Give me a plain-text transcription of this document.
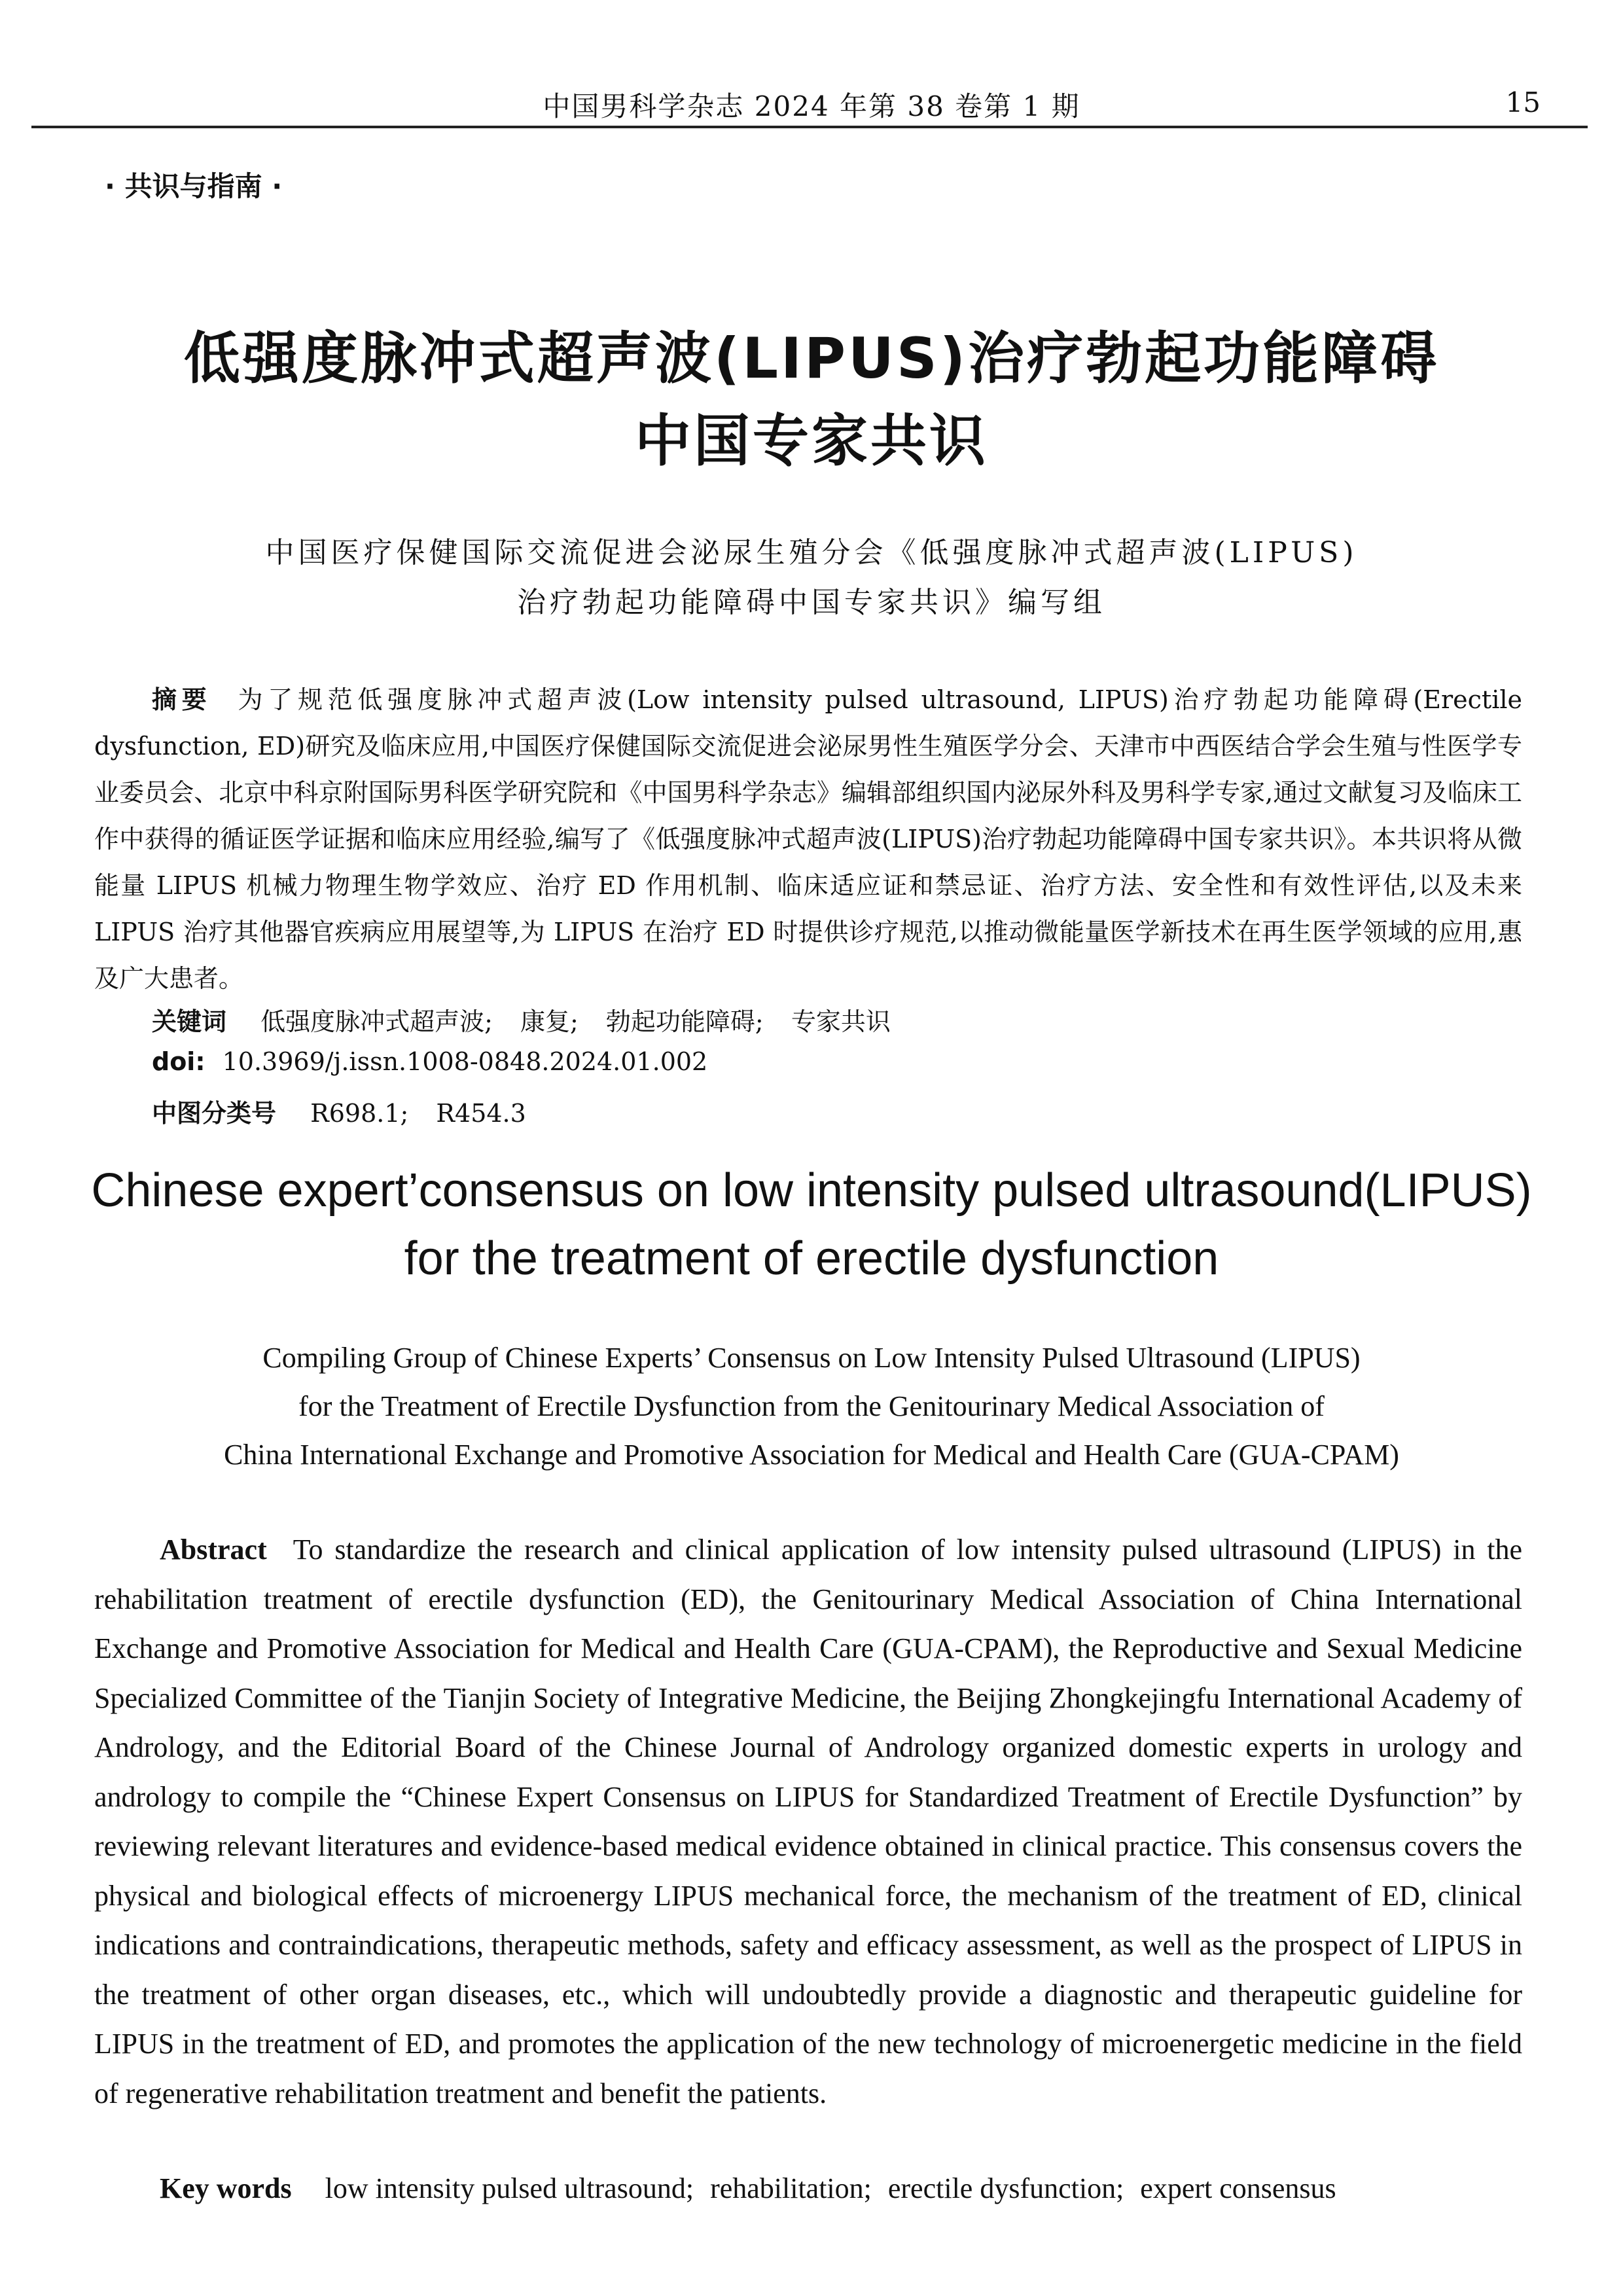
中国男科学杂志 2024 年第 38 卷第 1 期	15
· 共识与指南 ·
低强度脉冲式超声波(LIPUS)治疗勃起功能障碍
中国专家共识
中国医疗保健国际交流促进会泌尿生殖分会《低强度脉冲式超声波(LIPUS)
治疗勃起功能障碍中国专家共识》编写组

摘要 为了规范低强度脉冲式超声波(Low intensity pulsed ultrasound, LIPUS)治疗勃起功能障碍(Erectile dysfunction, ED)研究及临床应用,中国医疗保健国际交流促进会泌尿男性生殖医学分会、天津市中西医结合学会生殖与性医学专业委员会、北京中科京附国际男科医学研究院和《中国男科学杂志》编辑部组织国内泌尿外科及男科学专家,通过文献复习及临床工作中获得的循证医学证据和临床应用经验,编写了《低强度脉冲式超声波(LIPUS)治疗勃起功能障碍中国专家共识》。本共识将从微能量 LIPUS 机械力物理生物学效应、治疗 ED 作用机制、临床适应证和禁忌证、治疗方法、安全性和有效性评估,以及未来 LIPUS 治疗其他器官疾病应用展望等,为 LIPUS 在治疗 ED 时提供诊疗规范,以推动微能量医学新技术在再生医学领域的应用,惠及广大患者。

关键词 低强度脉冲式超声波; 康复; 勃起功能障碍; 专家共识
doi: 10.3969/j.issn.1008-0848.2024.01.002
中图分类号 R698.1; R454.3
Chinese expert’consensus on low intensity pulsed ultrasound(LIPUS)
for the treatment of erectile dysfunction
Compiling Group of Chinese Experts’ Consensus on Low Intensity Pulsed Ultrasound (LIPUS)
for the Treatment of Erectile Dysfunction from the Genitourinary Medical Association of
China International Exchange and Promotive Association for Medical and Health Care (GUA-CPAM)

Abstract To standardize the research and clinical application of low intensity pulsed ultrasound (LIPUS) in the rehabilitation treatment of erectile dysfunction (ED), the Genitourinary Medical Association of China International Exchange and Promotive Association for Medical and Health Care (GUA-CPAM), the Reproductive and Sexual Medicine Specialized Committee of the Tianjin Society of Integrative Medicine, the Beijing Zhongkejingfu International Academy of Andrology, and the Editorial Board of the Chinese Journal of Andrology organized domestic experts in urology and andrology to compile the “Chinese Expert Consensus on LIPUS for Standardized Treatment of Erectile Dysfunction” by reviewing relevant literatures and evidence-based medical evidence obtained in clinical practice. This consensus covers the physical and biological effects of microenergy LIPUS mechanical force, the mechanism of the treatment of ED, clinical indications and contraindications, therapeutic methods, safety and efficacy assessment, as well as the prospect of LIPUS in the treatment of other organ diseases, etc., which will undoubtedly provide a diagnostic and therapeutic guideline for LIPUS in the treatment of ED, and promotes the application of the new technology of microenergetic medicine in the field of regenerative rehabilitation treatment and benefit the patients.

Key words low intensity pulsed ultrasound; rehabilitation; erectile dysfunction; expert consensus
